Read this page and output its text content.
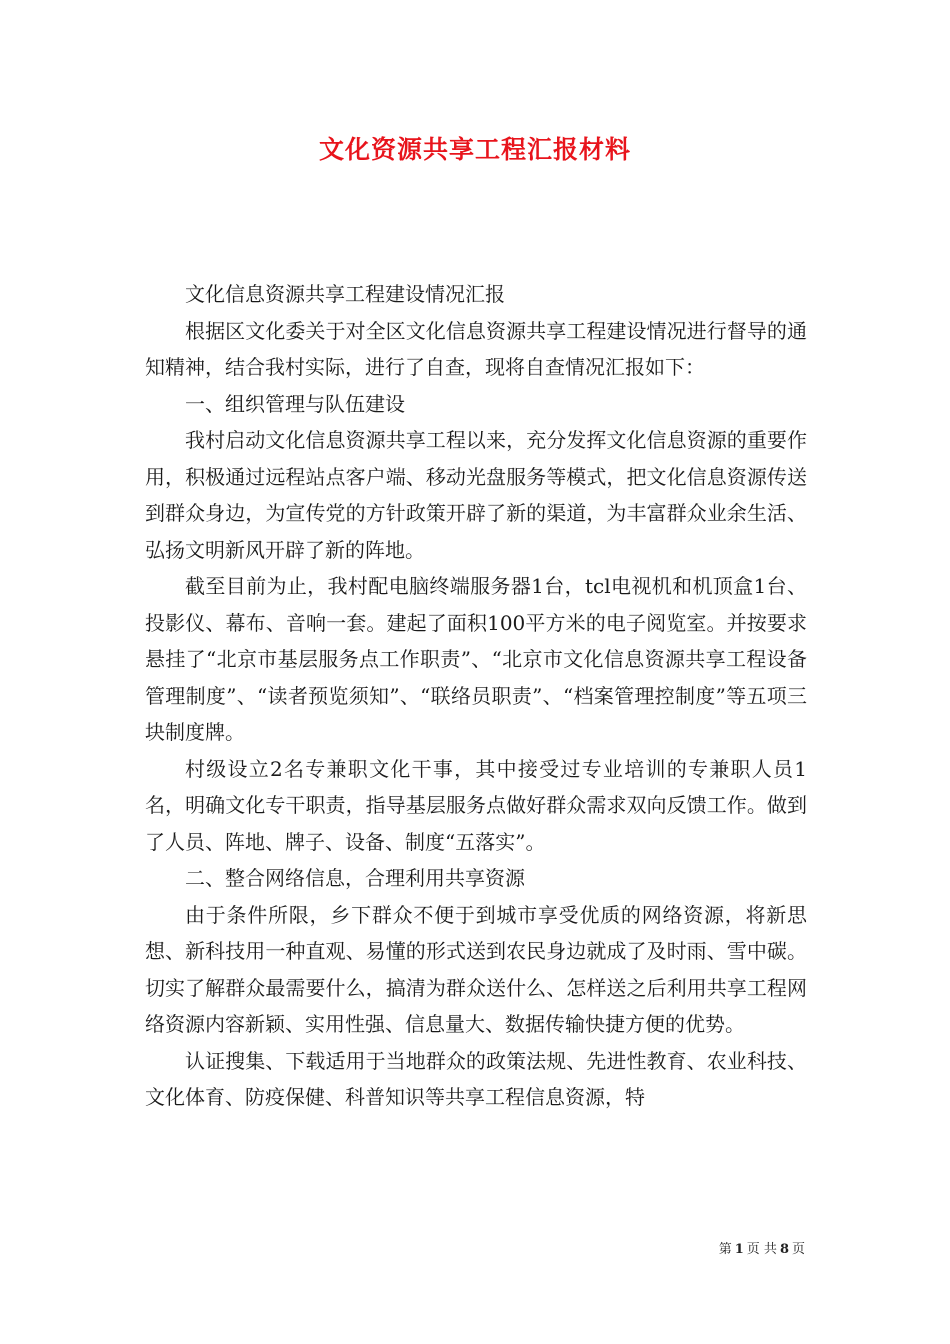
文化资源共享工程汇报材料

文化信息资源共享工程建设情况汇报

根据区文化委关于对全区文化信息资源共享工程建设情况进行督导的通知精神，结合我村实际，进行了自查，现将自查情况汇报如下：

一、组织管理与队伍建设

我村启动文化信息资源共享工程以来，充分发挥文化信息资源的重要作用，积极通过远程站点客户端、移动光盘服务等模式，把文化信息资源传送到群众身边，为宣传党的方针政策开辟了新的渠道，为丰富群众业余生活、弘扬文明新风开辟了新的阵地。

截至目前为止，我村配电脑终端服务器1台，tcl电视机和机顶盒1台、投影仪、幕布、音响一套。建起了面积100平方米的电子阅览室。并按要求悬挂了“北京市基层服务点工作职责”、“北京市文化信息资源共享工程设备管理制度”、“读者预览须知”、“联络员职责”、“档案管理控制度”等五项三块制度牌。

村级设立2名专兼职文化干事，其中接受过专业培训的专兼职人员1名，明确文化专干职责，指导基层服务点做好群众需求双向反馈工作。做到了人员、阵地、牌子、设备、制度“五落实”。

二、整合网络信息，合理利用共享资源

由于条件所限，乡下群众不便于到城市享受优质的网络资源，将新思想、新科技用一种直观、易懂的形式送到农民身边就成了及时雨、雪中碳。切实了解群众最需要什么，搞清为群众送什么、怎样送之后利用共享工程网络资源内容新颖、实用性强、信息量大、数据传输快捷方便的优势。

认证搜集、下载适用于当地群众的政策法规、先进性教育、农业科技、文化体育、防疫保健、科普知识等共享工程信息资源，特

第 1 页 共 8 页
